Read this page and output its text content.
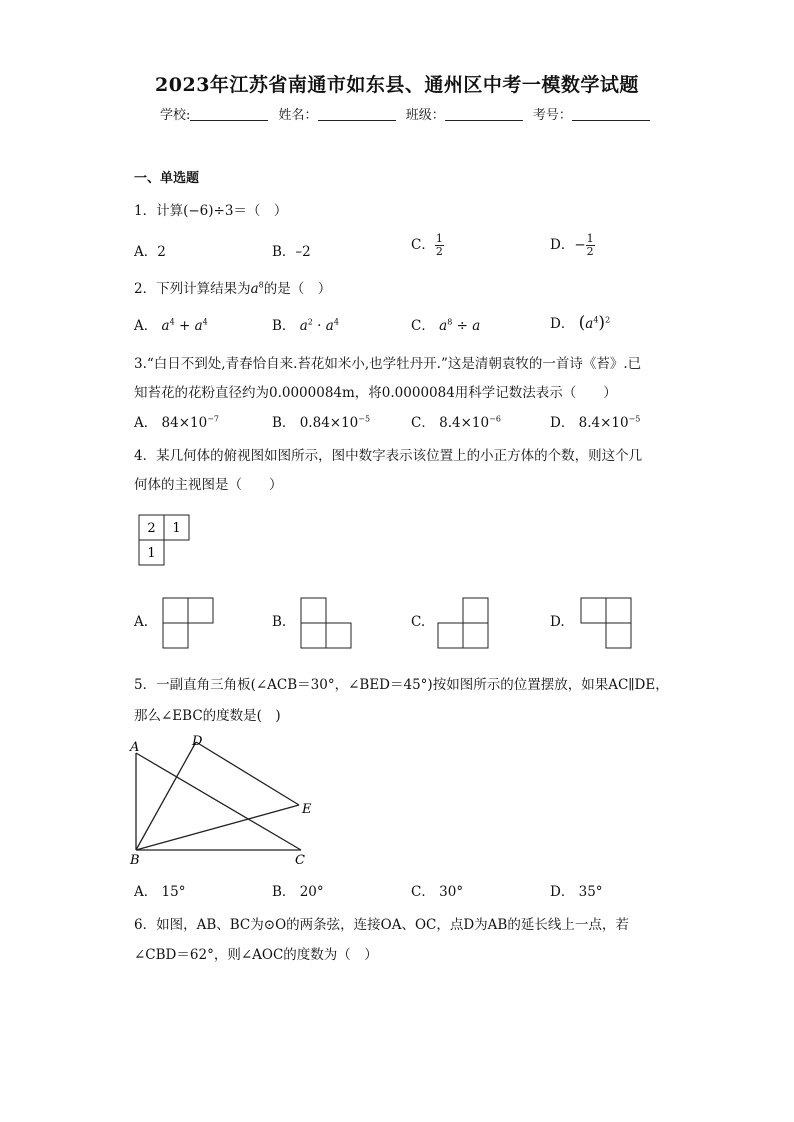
2023年江苏省南通市如东县、通州区中考一模数学试题
学校:	姓名：	班级：	考号：
一、单选题
1．计算(−6)÷3＝（　）
A．2	B．–2	C． $\frac{1}{2}$	D．− $\frac{1}{2}$
2．下列计算结果为$a^8$的是（　）
A． $a^4 + a^4$	B． $a^2 \cdot a^4$	C． $a^8 \div a$	D． $(a^4)^2$
3.“白日不到处,青春恰自来.苔花如米小,也学牡丹开.”这是清朝袁牧的一首诗《苔》.已
知苔花的花粉直径约为0.0000084m，将0.0000084用科学记数法表示（　　）
A． $84\times 10^{-7}$	B． $0.84\times 10^{-5}$	C． $8.4\times 10^{-6}$	D． $8.4\times 10^{-5}$
4．某几何体的俯视图如图所示，图中数字表示该位置上的小正方体的个数，则这个几
何体的主视图是（　　）
2 1
1
A.	B.	C.	D.
5．一副直角三角板(∠ACB＝30°，∠BED＝45°)按如图所示的位置摆放，如果AC∥DE，
那么∠EBC的度数是(　)
A
B	C
D
E
A． 15°	B． 20°	C． 30°	D． 35°
6．如图，AB、BC为⊙O的两条弦，连接OA、OC，点D为AB的延长线上一点，若
∠CBD＝62°，则∠AOC的度数为（　）
